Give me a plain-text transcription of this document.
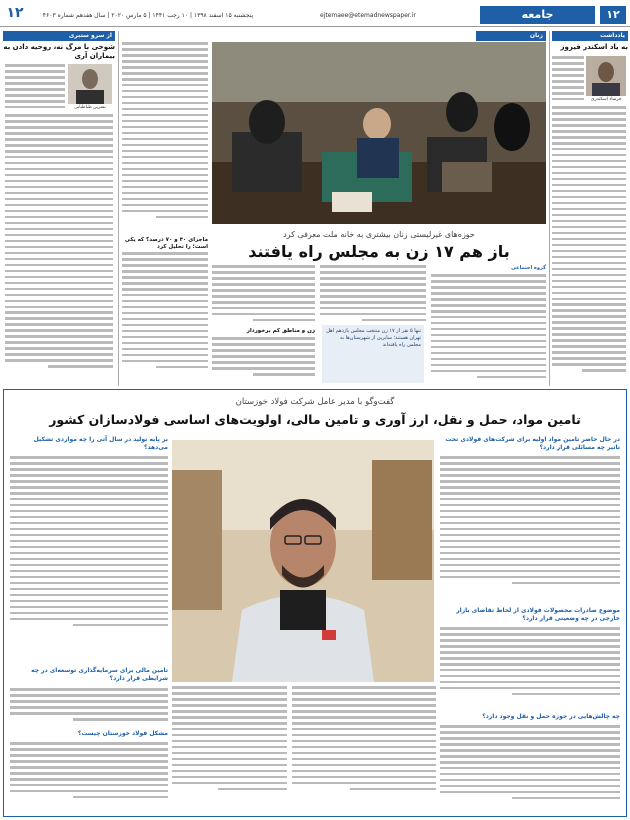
۱۲	پنجشنبه ۱۵ اسفند ۱۳۹۸ | ۱۰ رجب ۱۴۴۱ | ۵ مارس ۲۰۲۰ | سال هفدهم شماره ۴۶۰۳	ejtemaee@etemadnewspaper.ir	جامعه	۱۲
یادداشت
به یاد اسکندر فیروز
فرشاد اسکندری
زنان
حوزه‌های غیرلیستی زنان بیشتری به خانه ملت معرفی کرد
باز هم ۱۷ زن به مجلس راه یافتند
گروه اجتماعی
تنها ۵ نفر از ۱۷ زن منتخب مجلس یازدهم اهل تهران هستند؛ سایرین از شهرستان‌ها به مجلس راه یافته‌اند
زن و مناطق کم برخوردار
ماجرای ۴۰ و ۷۰ درصد؟ که یکی است؛ را تحلیل کرد
از سرو ستبری
شوخی با مرگ نه، روحیه دادن به بیماران آری
نسرین طباطبایی
گفت‌وگو با مدیر عامل شرکت فولاد خوزستان
تامین مواد، حمل و نقل، ارز آوری و تامین مالی، اولویت‌های اساسی فولادسازان کشور
در حال حاضر تامین مواد اولیه برای شرکت‌های فولادی تحت تاثیر چه مسائلی قرار دارد؟
موضوع صادرات محصولات فولادی از لحاظ تقاضای بازار خارجی در چه وضعیتی قرار دارد؟
چه چالش‌هایی در حوزه حمل و نقل وجود دارد؟
بر پایه تولید در سال آتی را چه مواردی تشکیل می‌دهد؟
تامین مالی برای سرمایه‌گذاری توسعه‌ای در چه شرایطی قرار دارد؟
مشکل فولاد خوزستان چیست؟
